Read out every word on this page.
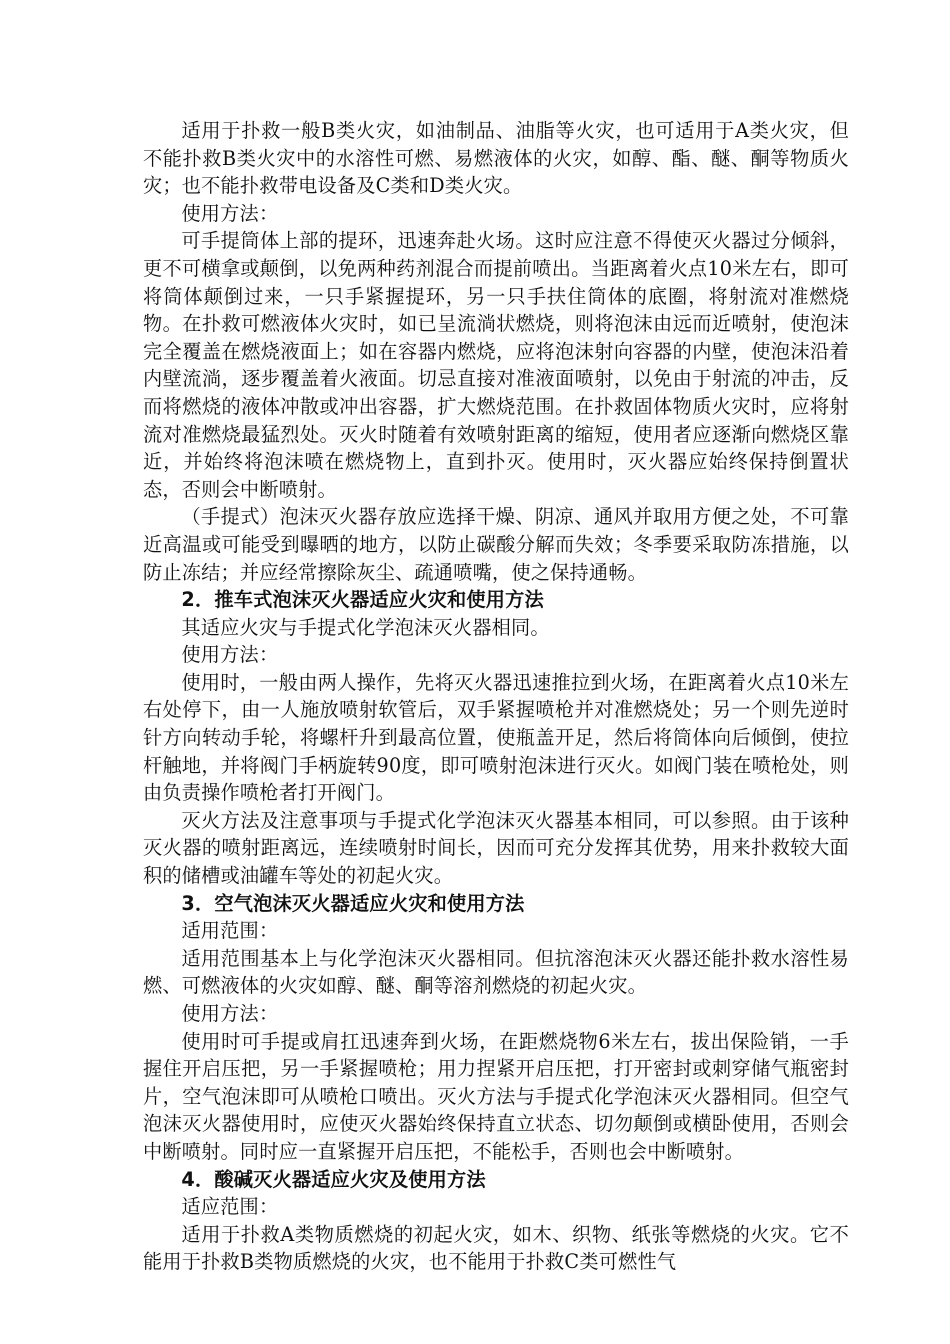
适用于扑救一般B类火灾，如油制品、油脂等火灾，也可适用于A类火灾，但不能扑救B类火灾中的水溶性可燃、易燃液体的火灾，如醇、酯、醚、酮等物质火灾；也不能扑救带电设备及C类和D类火灾。

使用方法：

可手提筒体上部的提环，迅速奔赴火场。这时应注意不得使灭火器过分倾斜，更不可横拿或颠倒，以免两种药剂混合而提前喷出。当距离着火点10米左右，即可将筒体颠倒过来，一只手紧握提环，另一只手扶住筒体的底圈，将射流对准燃烧物。在扑救可燃液体火灾时，如已呈流淌状燃烧，则将泡沫由远而近喷射，使泡沫完全覆盖在燃烧液面上；如在容器内燃烧，应将泡沫射向容器的内壁，使泡沫沿着内壁流淌，逐步覆盖着火液面。切忌直接对准液面喷射，以免由于射流的冲击，反而将燃烧的液体冲散或冲出容器，扩大燃烧范围。在扑救固体物质火灾时，应将射流对准燃烧最猛烈处。灭火时随着有效喷射距离的缩短，使用者应逐渐向燃烧区靠近，并始终将泡沫喷在燃烧物上，直到扑灭。使用时，灭火器应始终保持倒置状态，否则会中断喷射。

（手提式）泡沫灭火器存放应选择干燥、阴凉、通风并取用方便之处，不可靠近高温或可能受到曝晒的地方，以防止碳酸分解而失效；冬季要采取防冻措施，以防止冻结；并应经常擦除灰尘、疏通喷嘴，使之保持通畅。

2．推车式泡沫灭火器适应火灾和使用方法

其适应火灾与手提式化学泡沫灭火器相同。

使用方法：

使用时，一般由两人操作，先将灭火器迅速推拉到火场，在距离着火点10米左右处停下，由一人施放喷射软管后，双手紧握喷枪并对准燃烧处；另一个则先逆时针方向转动手轮，将螺杆升到最高位置，使瓶盖开足，然后将筒体向后倾倒，使拉杆触地，并将阀门手柄旋转90度，即可喷射泡沫进行灭火。如阀门装在喷枪处，则由负责操作喷枪者打开阀门。

灭火方法及注意事项与手提式化学泡沫灭火器基本相同，可以参照。由于该种灭火器的喷射距离远，连续喷射时间长，因而可充分发挥其优势，用来扑救较大面积的储槽或油罐车等处的初起火灾。

3．空气泡沫灭火器适应火灾和使用方法

适用范围：

适用范围基本上与化学泡沫灭火器相同。但抗溶泡沫灭火器还能扑救水溶性易燃、可燃液体的火灾如醇、醚、酮等溶剂燃烧的初起火灾。

使用方法：

使用时可手提或肩扛迅速奔到火场，在距燃烧物6米左右，拔出保险销，一手握住开启压把，另一手紧握喷枪；用力捏紧开启压把，打开密封或刺穿储气瓶密封片，空气泡沫即可从喷枪口喷出。灭火方法与手提式化学泡沫灭火器相同。但空气泡沫灭火器使用时，应使灭火器始终保持直立状态、切勿颠倒或横卧使用，否则会中断喷射。同时应一直紧握开启压把，不能松手，否则也会中断喷射。

4．酸碱灭火器适应火灾及使用方法

适应范围：

适用于扑救A类物质燃烧的初起火灾，如木、织物、纸张等燃烧的火灾。它不能用于扑救B类物质燃烧的火灾，也不能用于扑救C类可燃性气
